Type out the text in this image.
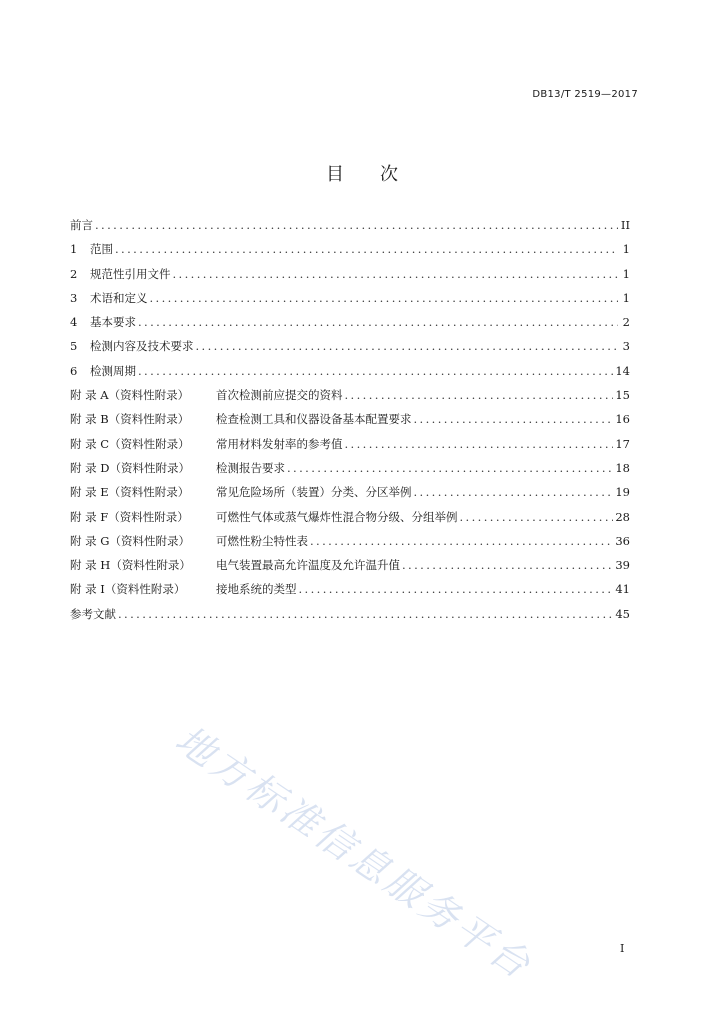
DB13/T 2519—2017
目　　次
前言 .....	II
1	范围 .....	1
2	规范性引用文件 .....	1
3	术语和定义 .....	1
4	基本要求 .....	2
5	检测内容及技术要求 .....	3
6	检测周期 .....	14
附 录 A（资料性附录）	首次检测前应提交的资料 .....	15
附 录 B（资料性附录）	检查检测工具和仪器设备基本配置要求 .....	16
附 录 C（资料性附录）	常用材料发射率的参考值 .....	17
附 录 D（资料性附录）	检测报告要求 .....	18
附 录 E（资料性附录）	常见危险场所（装置）分类、分区举例 .....	19
附 录 F（资料性附录）	可燃性气体或蒸气爆炸性混合物分级、分组举例 .....	28
附 录 G（资料性附录）	可燃性粉尘特性表 .....	36
附 录 H（资料性附录）	电气装置最高允许温度及允许温升值 .....	39
附 录 I（资料性附录）	接地系统的类型 .....	41
参考文献 .....	45
地方标准信息服务平台	I
